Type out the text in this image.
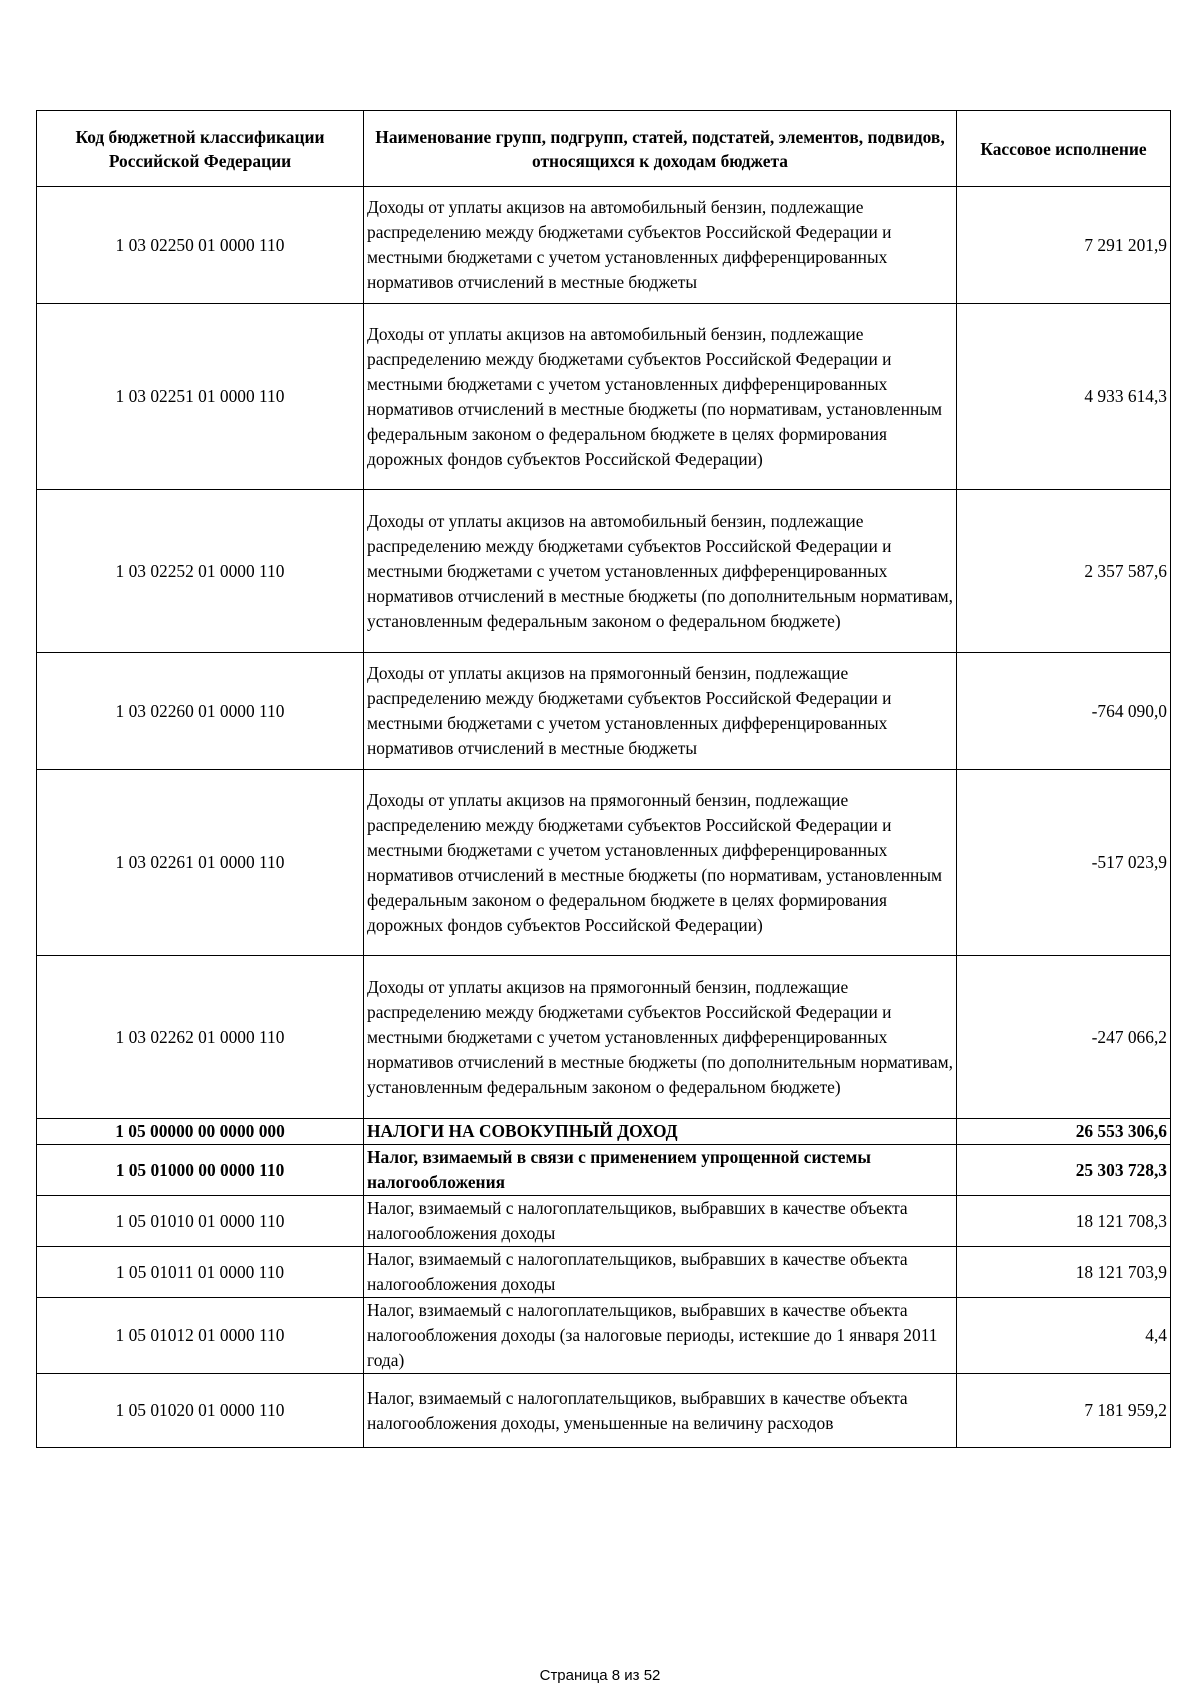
Код бюджетной классификации Российской Федерации	Наименование групп, подгрупп, статей, подстатей, элементов, подвидов, относящихся к доходам бюджета	Кассовое исполнение
1 03 02250 01 0000 110	Доходы от уплаты акцизов на автомобильный бензин, подлежащие распределению между бюджетами субъектов Российской Федерации и местными бюджетами с учетом установленных дифференцированных нормативов отчислений в местные бюджеты	7 291 201,9
1 03 02251 01 0000 110	Доходы от уплаты акцизов на автомобильный бензин, подлежащие распределению между бюджетами субъектов Российской Федерации и местными бюджетами с учетом установленных дифференцированных нормативов отчислений в местные бюджеты (по нормативам, установленным федеральным законом о федеральном бюджете в целях формирования дорожных фондов субъектов Российской Федерации)	4 933 614,3
1 03 02252 01 0000 110	Доходы от уплаты акцизов на автомобильный бензин, подлежащие распределению между бюджетами субъектов Российской Федерации и местными бюджетами с учетом установленных дифференцированных нормативов отчислений в местные бюджеты (по дополнительным нормативам, установленным федеральным законом о федеральном бюджете)	2 357 587,6
1 03 02260 01 0000 110	Доходы от уплаты акцизов на прямогонный бензин, подлежащие распределению между бюджетами субъектов Российской Федерации и местными бюджетами с учетом установленных дифференцированных нормативов отчислений в местные бюджеты	-764 090,0
1 03 02261 01 0000 110	Доходы от уплаты акцизов на прямогонный бензин, подлежащие распределению между бюджетами субъектов Российской Федерации и местными бюджетами с учетом установленных дифференцированных нормативов отчислений в местные бюджеты (по нормативам, установленным федеральным законом о федеральном бюджете в целях формирования дорожных фондов субъектов Российской Федерации)	-517 023,9
1 03 02262 01 0000 110	Доходы от уплаты акцизов на прямогонный бензин, подлежащие распределению между бюджетами субъектов Российской Федерации и местными бюджетами с учетом установленных дифференцированных нормативов отчислений в местные бюджеты (по дополнительным нормативам, установленным федеральным законом о федеральном бюджете)	-247 066,2
1 05 00000 00 0000 000	НАЛОГИ НА СОВОКУПНЫЙ ДОХОД	26 553 306,6
1 05 01000 00 0000 110	Налог, взимаемый в связи с применением упрощенной системы налогообложения	25 303 728,3
1 05 01010 01 0000 110	Налог, взимаемый с налогоплательщиков, выбравших в качестве объекта налогообложения доходы	18 121 708,3
1 05 01011 01 0000 110	Налог, взимаемый с налогоплательщиков, выбравших в качестве объекта налогообложения доходы	18 121 703,9
1 05 01012 01 0000 110	Налог, взимаемый с налогоплательщиков, выбравших в качестве объекта налогообложения доходы (за налоговые периоды, истекшие до 1 января 2011 года)	4,4
1 05 01020 01 0000 110	Налог, взимаемый с налогоплательщиков, выбравших в качестве объекта налогообложения доходы, уменьшенные на величину расходов	7 181 959,2
Страница 8 из 52
